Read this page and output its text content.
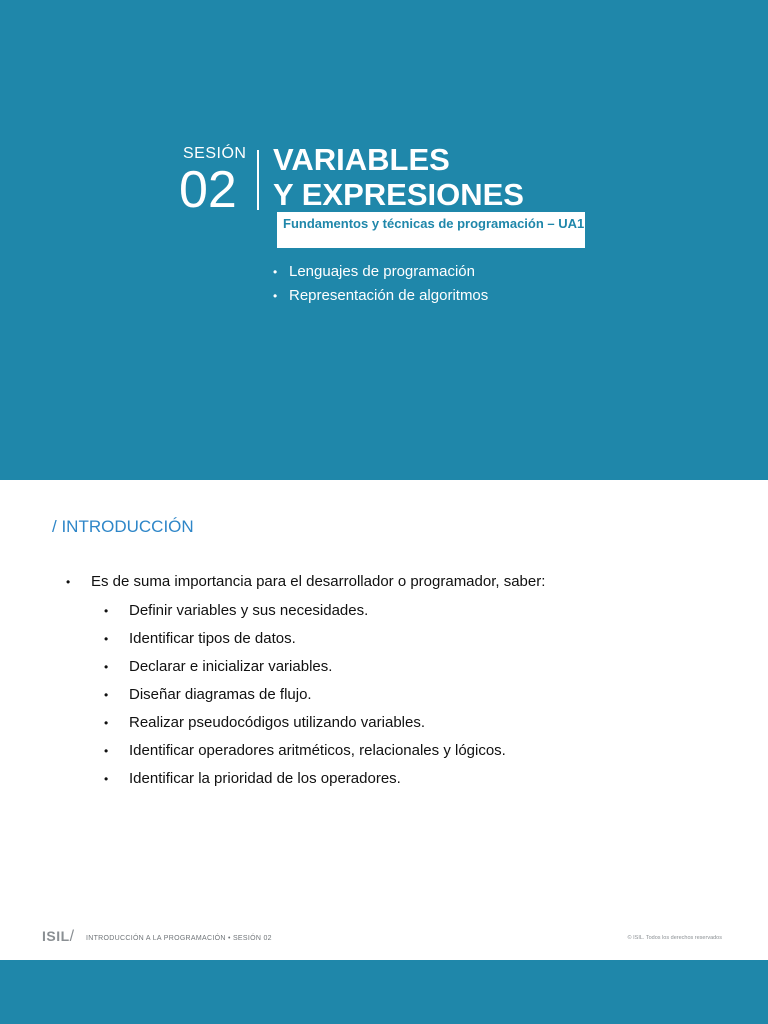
SESIÓN
02
VARIABLES
Y EXPRESIONES
Fundamentos y técnicas de programación – UA1
• Lenguajes de programación
• Representación de algoritmos
/ INTRODUCCIÓN
• Es de suma importancia para el desarrollador o programador, saber:
• Definir variables y sus necesidades.
• Identificar tipos de datos.
• Declarar e inicializar variables.
• Diseñar diagramas de flujo.
• Realizar pseudocódigos utilizando variables.
• Identificar operadores aritméticos, relacionales y lógicos.
• Identificar la prioridad de los operadores.
ISIL/ INTRODUCCIÓN A LA PROGRAMACIÓN • SESIÓN 02	© ISIL. Todos los derechos reservados
